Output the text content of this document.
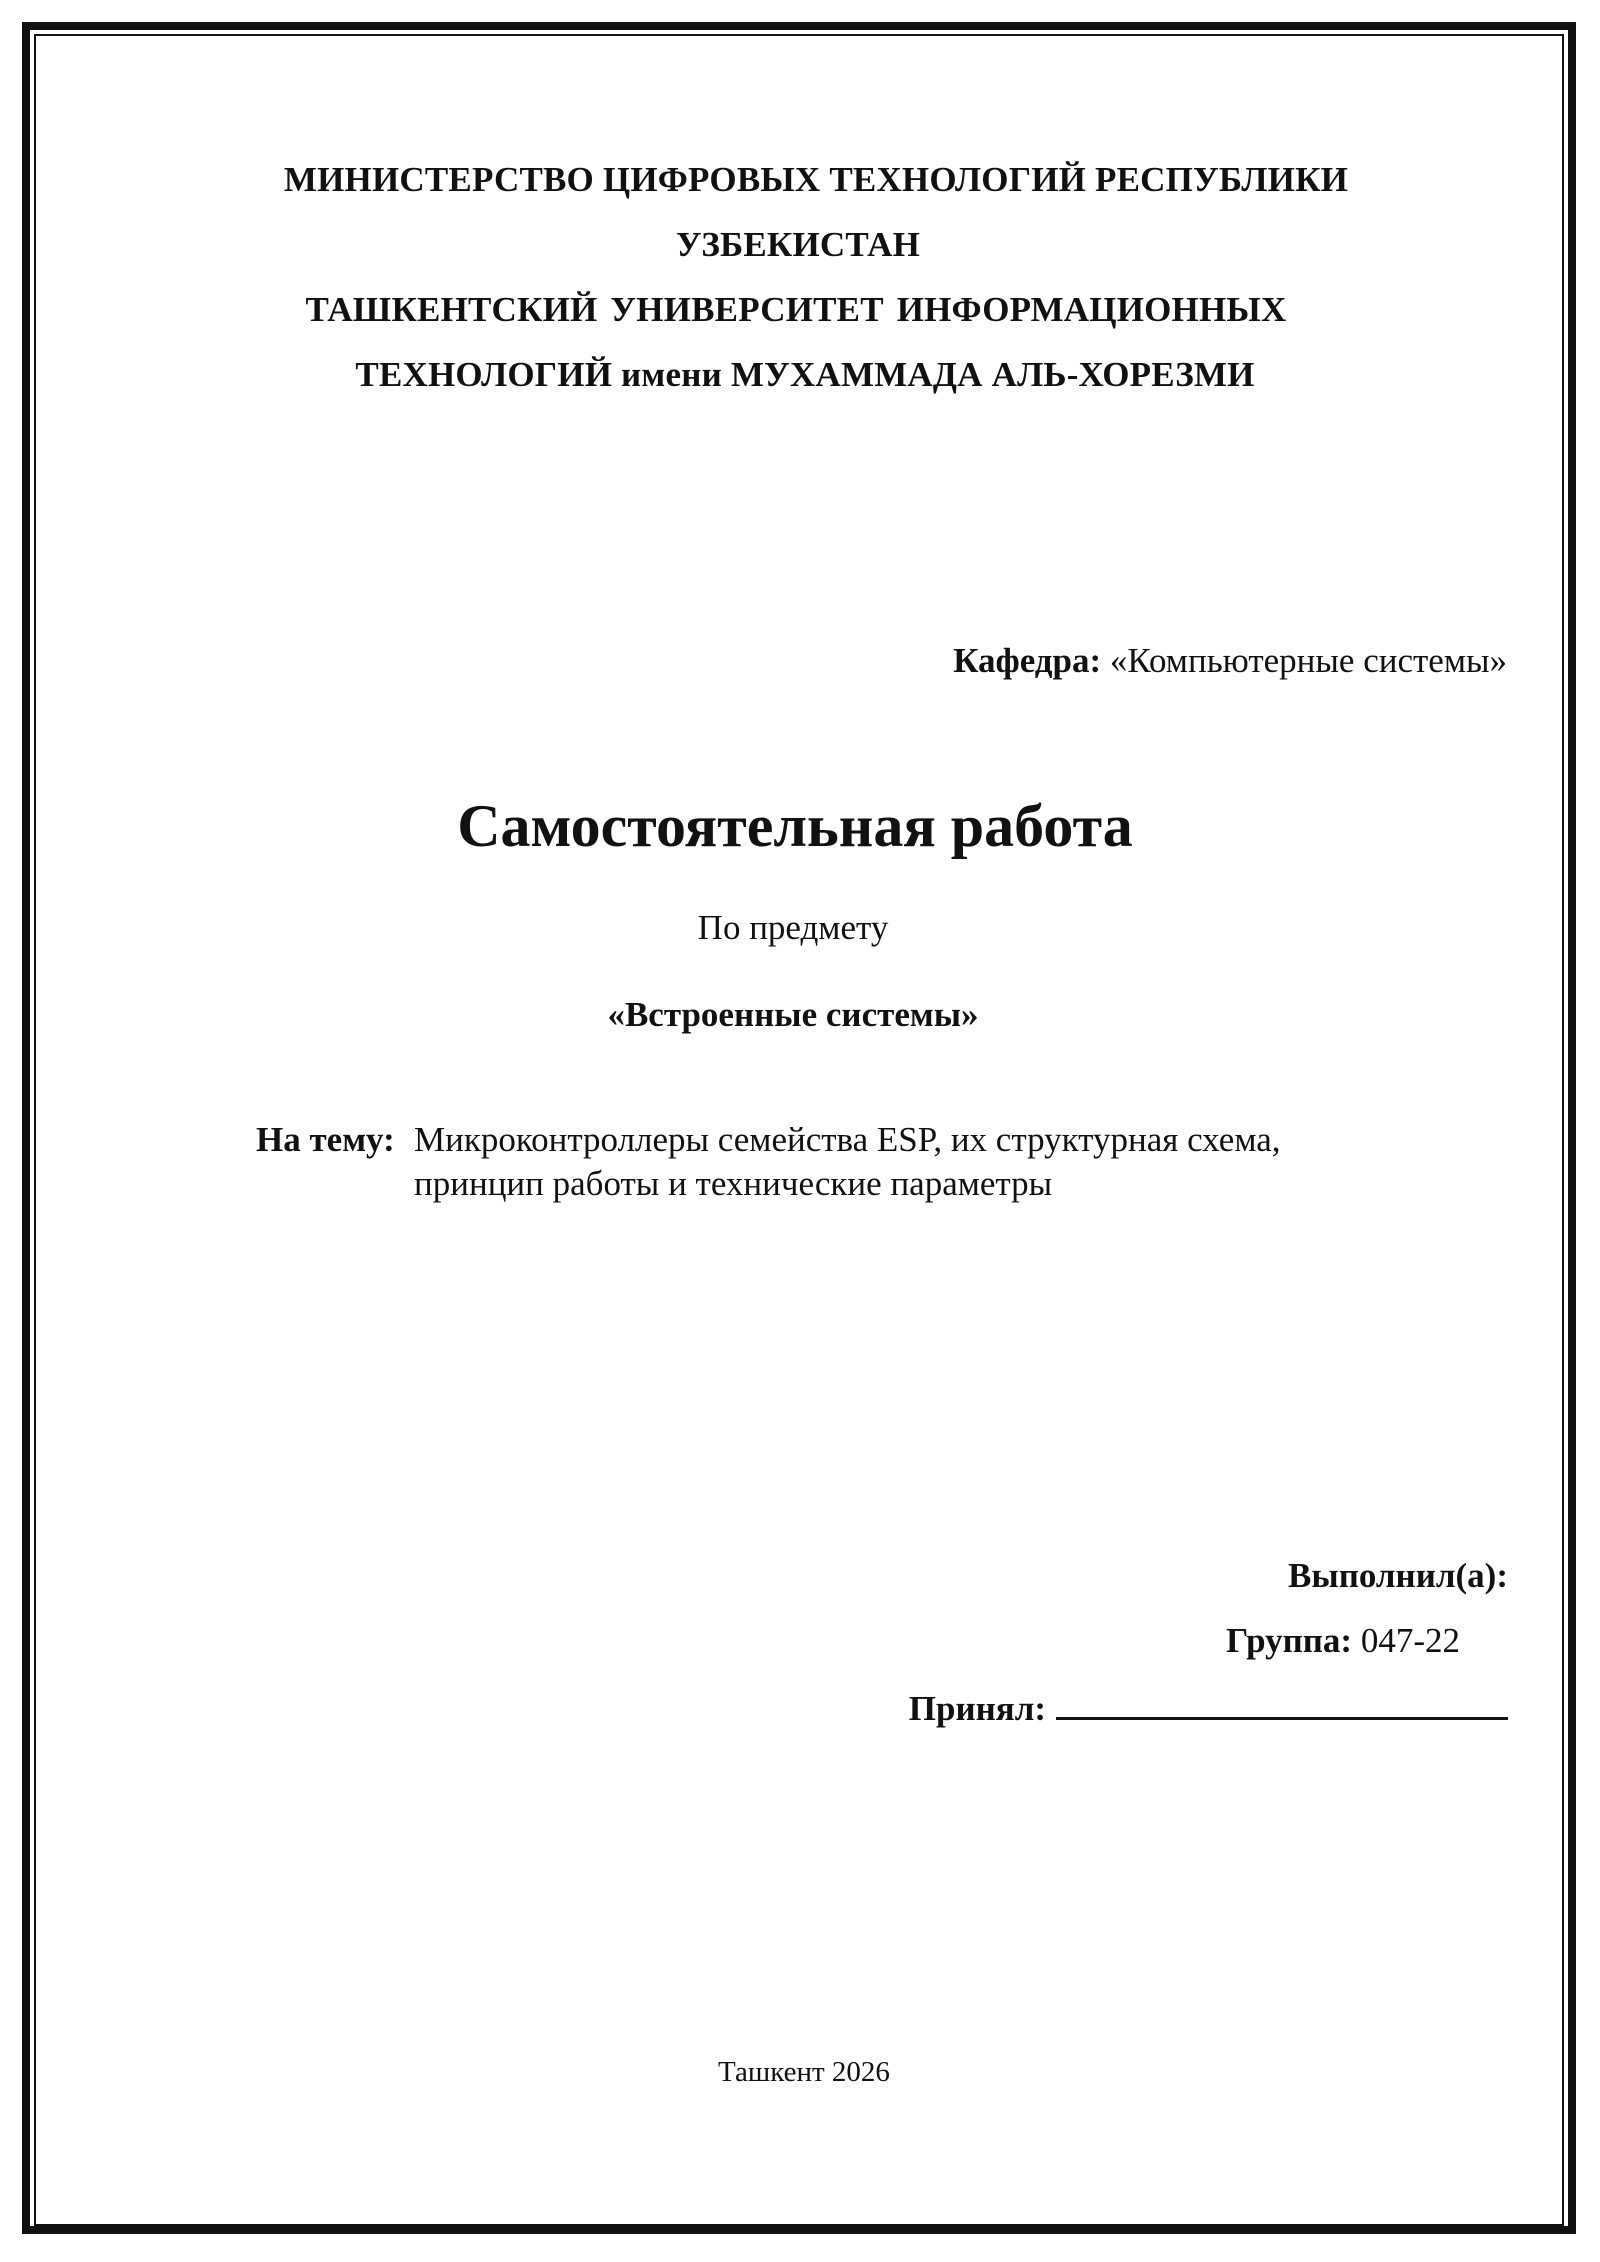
МИНИСТЕРСТВО ЦИФРОВЫХ ТЕХНОЛОГИЙ РЕСПУБЛИКИ
УЗБЕКИСТАН
ТАШКЕНТСКИЙ УНИВЕРСИТЕТ ИНФОРМАЦИОННЫХ
ТЕХНОЛОГИЙ имени МУХАММАДА АЛЬ-ХОРЕЗМИ
Кафедра: «Компьютерные системы»
Самостоятельная работа
По предмету
«Встроенные системы»
На тему: Микроконтроллеры семейства ESP, их структурная схема,
принцип работы и технические параметры
Выполнил(а):
Группа: 047-22
Принял:
Ташкент 2026
